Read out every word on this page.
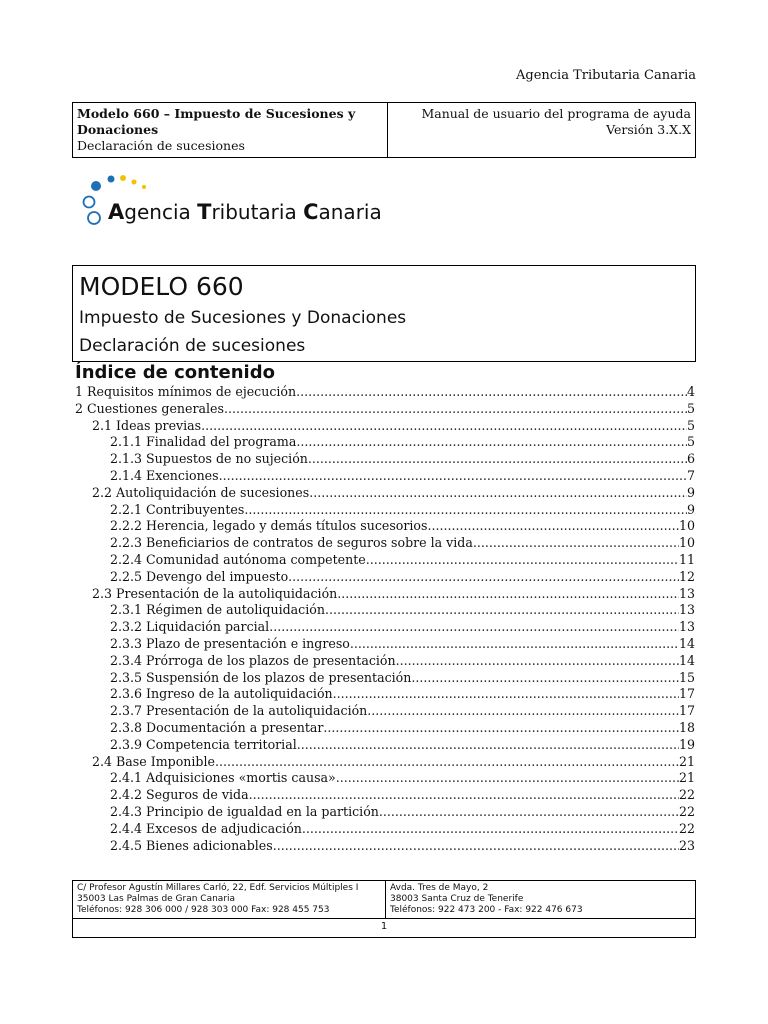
Agencia Tributaria Canaria
Modelo 660 – Impuesto de Sucesiones y Donaciones
Declaración de sucesiones

Manual de usuario del programa de ayuda
Versión 3.X.X
Agencia Tributaria Canaria
MODELO 660
Impuesto de Sucesiones y Donaciones
Declaración de sucesiones
Índice de contenido
1 Requisitos mínimos de ejecución .....	4
2 Cuestiones generales .....	5
2.1 Ideas previas .....	5
2.1.1 Finalidad del programa .....	5
2.1.3 Supuestos de no sujeción .....	6
2.1.4 Exenciones .....	7
2.2 Autoliquidación de sucesiones .....	9
2.2.1 Contribuyentes .....	9
2.2.2 Herencia, legado y demás títulos sucesorios .....	10
2.2.3 Beneficiarios de contratos de seguros sobre la vida .....	10
2.2.4 Comunidad autónoma competente .....	11
2.2.5 Devengo del impuesto .....	12
2.3 Presentación de la autoliquidación .....	13
2.3.1 Régimen de autoliquidación .....	13
2.3.2 Liquidación parcial .....	13
2.3.3 Plazo de presentación e ingreso .....	14
2.3.4 Prórroga de los plazos de presentación .....	14
2.3.5 Suspensión de los plazos de presentación .....	15
2.3.6 Ingreso de la autoliquidación .....	17
2.3.7 Presentación de la autoliquidación .....	17
2.3.8 Documentación a presentar .....	18
2.3.9 Competencia territorial .....	19
2.4 Base Imponible .....	21
2.4.1 Adquisiciones «mortis causa» .....	21
2.4.2 Seguros de vida .....	22
2.4.3 Principio de igualdad en la partición .....	22
2.4.4 Excesos de adjudicación .....	22
2.4.5 Bienes adicionables .....	23
C/ Profesor Agustín Millares Carló, 22, Edf. Servicios Múltiples I
35003 Las Palmas de Gran Canaria
Teléfonos: 928 306 000 / 928 303 000 Fax: 928 455 753

Avda. Tres de Mayo, 2
38003 Santa Cruz de Tenerife
Teléfonos: 922 473 200 - Fax: 922 476 673

1
